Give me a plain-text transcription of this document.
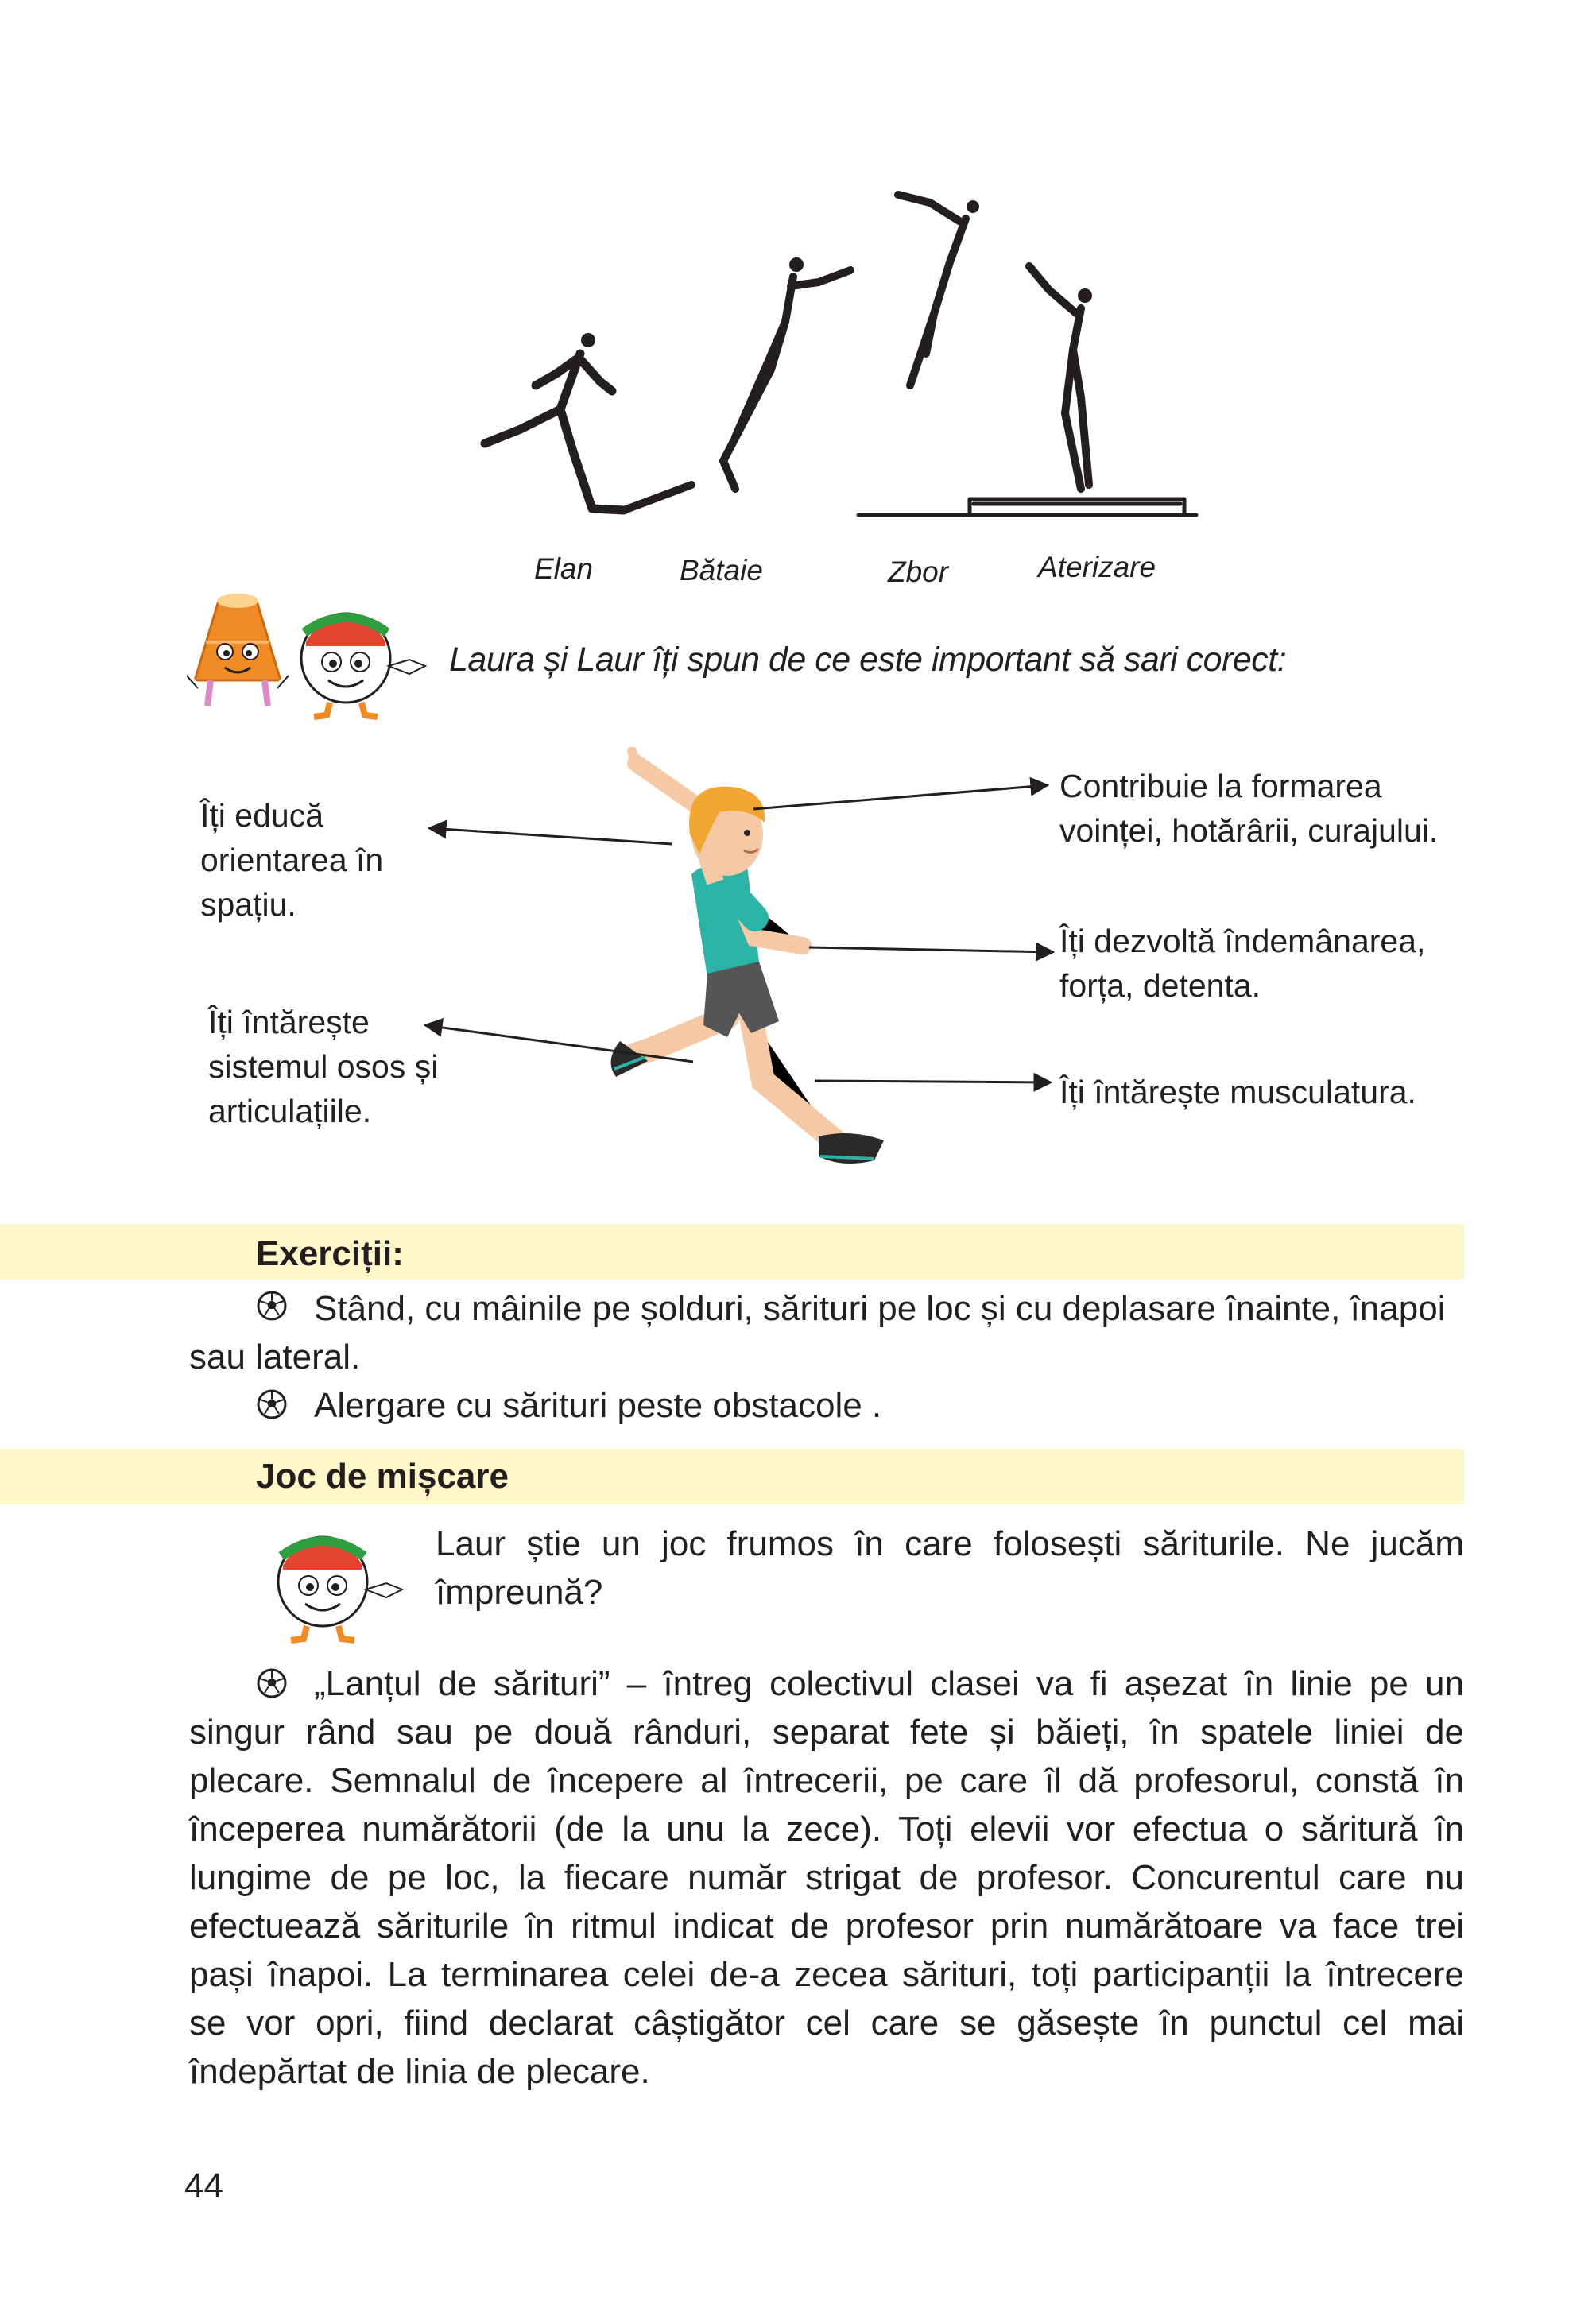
Elan	Bătaie	Zbor	Aterizare
Laura și Laur îți spun de ce este important să sari corect:
Îți educă
orientarea în
spațiu.
Îți întărește
sistemul osos și
articulațiile.
Contribuie la formarea
voinței, hotărârii, curajului.
Îți dezvoltă îndemânarea,
forța, detenta.
Îți întărește musculatura.
Exerciții:
Stând, cu mâinile pe șolduri, sărituri pe loc și cu deplasare înainte, înapoi
sau lateral.
Alergare cu sărituri peste obstacole .
Joc de mișcare
Laur știe un joc frumos în care folosești săriturile. Ne jucăm
împreună?
„Lanțul de sărituri” – întreg colectivul clasei va fi așezat în linie pe un
singur rând sau pe două rânduri, separat fete și băieți, în spatele liniei de
plecare. Semnalul de începere al întrecerii, pe care îl dă profesorul, constă în
începerea numărătorii (de la unu la zece). Toți elevii vor efectua o săritură în
lungime de pe loc, la fiecare număr strigat de profesor. Concurentul care nu
efectuează săriturile în ritmul indicat de profesor prin numărătoare va face trei
pași înapoi. La terminarea celei de-a zecea sărituri, toți participanții la întrecere
se vor opri, fiind declarat câștigător cel care se găsește în punctul cel mai
îndepărtat de linia de plecare.
44
